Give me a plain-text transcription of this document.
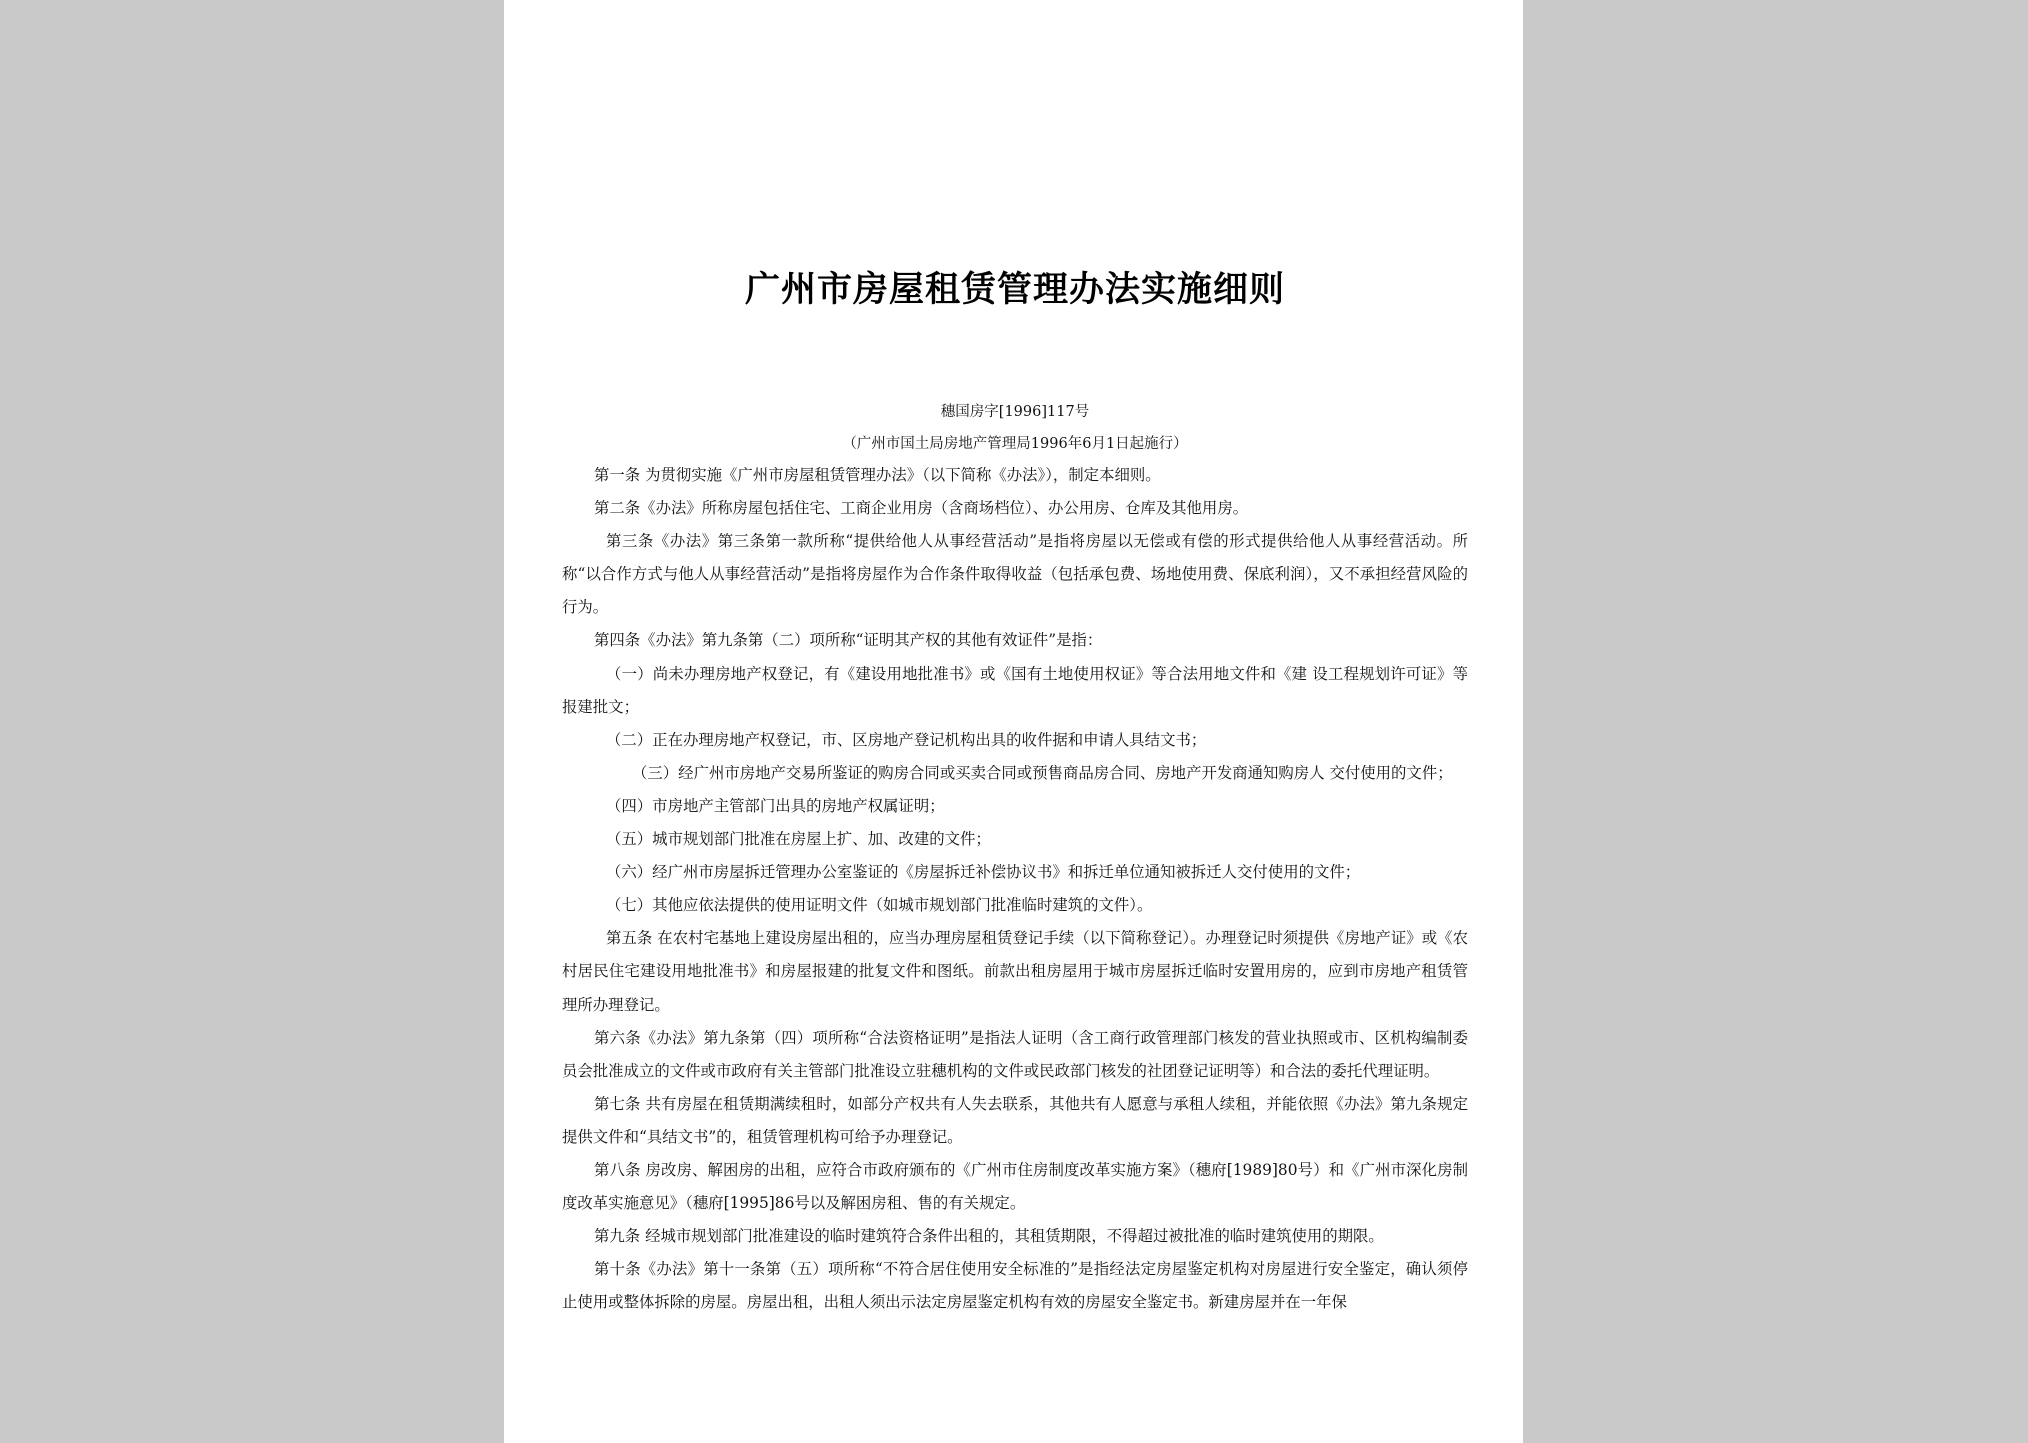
广州市房屋租赁管理办法实施细则
穗国房字[1996]117号
（广州市国土局房地产管理局1996年6月1日起施行）

第一条 为贯彻实施《广州市房屋租赁管理办法》（以下简称《办法》），制定本细则。

第二条《办法》所称房屋包括住宅、工商企业用房（含商场档位）、办公用房、仓库及其他用房。

第三条《办法》第三条第一款所称“提供给他人从事经营活动”是指将房屋以无偿或有偿的形式提供给他人从事经营活动。所称“以合作方式与他人从事经营活动”是指将房屋作为合作条件取得收益（包括承包费、场地使用费、保底利润），又不承担经营风险的行为。

第四条《办法》第九条第（二）项所称“证明其产权的其他有效证件”是指：

（一）尚未办理房地产权登记，有《建设用地批准书》或《国有土地使用权证》等合法用地文件和《建 设工程规划许可证》等报建批文；

（二）正在办理房地产权登记，市、区房地产登记机构出具的收件据和申请人具结文书；

（三）经广州市房地产交易所鉴证的购房合同或买卖合同或预售商品房合同、房地产开发商通知购房人 交付使用的文件；

（四）市房地产主管部门出具的房地产权属证明；

（五）城市规划部门批准在房屋上扩、加、改建的文件；

（六）经广州市房屋拆迁管理办公室鉴证的《房屋拆迁补偿协议书》和拆迁单位通知被拆迁人交付使用的文件；

（七）其他应依法提供的使用证明文件（如城市规划部门批准临时建筑的文件）。

第五条 在农村宅基地上建设房屋出租的，应当办理房屋租赁登记手续（以下简称登记）。办理登记时须提供《房地产证》或《农村居民住宅建设用地批准书》和房屋报建的批复文件和图纸。前款出租房屋用于城市房屋拆迁临时安置用房的，应到市房地产租赁管理所办理登记。

第六条《办法》第九条第（四）项所称“合法资格证明”是指法人证明（含工商行政管理部门核发的营业执照或市、区机构编制委员会批准成立的文件或市政府有关主管部门批准设立驻穗机构的文件或民政部门核发的社团登记证明等）和合法的委托代理证明。

第七条 共有房屋在租赁期满续租时，如部分产权共有人失去联系，其他共有人愿意与承租人续租，并能依照《办法》第九条规定提供文件和“具结文书”的，租赁管理机构可给予办理登记。

第八条 房改房、解困房的出租，应符合市政府颁布的《广州市住房制度改革实施方案》（穗府[1989]80号）和《广州市深化房制度改革实施意见》（穗府[1995]86号以及解困房租、售的有关规定。

第九条 经城市规划部门批准建设的临时建筑符合条件出租的，其租赁期限，不得超过被批准的临时建筑使用的期限。

第十条《办法》第十一条第（五）项所称“不符合居住使用安全标准的”是指经法定房屋鉴定机构对房屋进行安全鉴定，确认须停止使用或整体拆除的房屋。房屋出租，出租人须出示法定房屋鉴定机构有效的房屋安全鉴定书。新建房屋并在一年保
